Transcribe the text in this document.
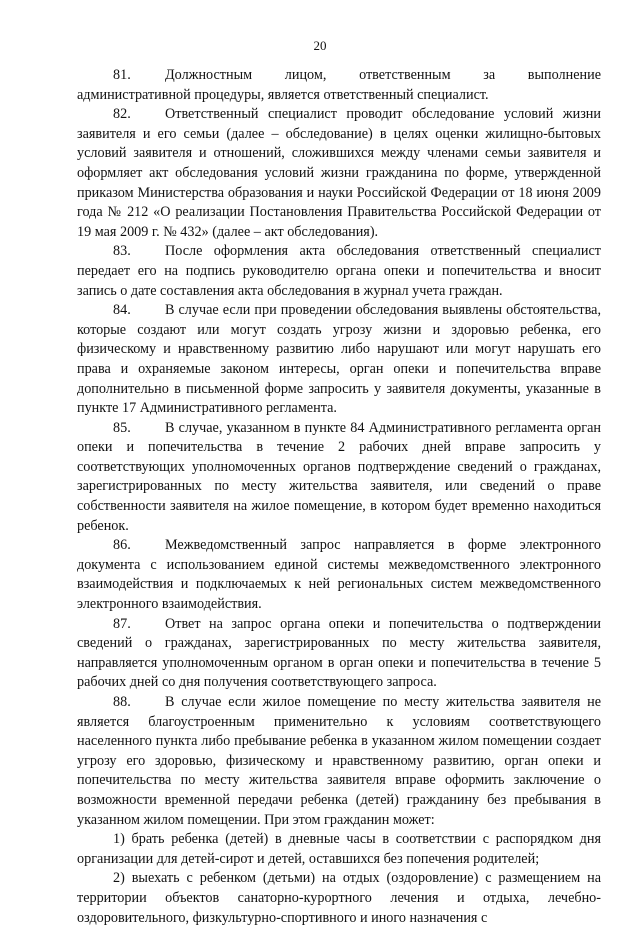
20

81. Должностным лицом, ответственным за выполнение административной процедуры, является ответственный специалист.

82. Ответственный специалист проводит обследование условий жизни заявителя и его семьи (далее – обследование) в целях оценки жилищно-бытовых условий заявителя и отношений, сложившихся между членами семьи заявителя и оформляет акт обследования условий жизни гражданина по форме, утвержденной приказом Министерства образования и науки Российской Федерации от 18 июня 2009 года № 212 «О реализации Постановления Правительства Российской Федерации от 19 мая 2009 г. № 432» (далее – акт обследования).

83. После оформления акта обследования ответственный специалист передает его на подпись руководителю органа опеки и попечительства и вносит запись о дате составления акта обследования в журнал учета граждан.

84. В случае если при проведении обследования выявлены обстоятельства, которые создают или могут создать угрозу жизни и здоровью ребенка, его физическому и нравственному развитию либо нарушают или могут нарушать его права и охраняемые законом интересы, орган опеки и попечительства вправе дополнительно в письменной форме запросить у заявителя документы, указанные в пункте 17 Административного регламента.

85. В случае, указанном в пункте 84 Административного регламента орган опеки и попечительства в течение 2 рабочих дней вправе запросить у соответствующих уполномоченных органов подтверждение сведений о гражданах, зарегистрированных по месту жительства заявителя, или сведений о праве собственности заявителя на жилое помещение, в котором будет временно находиться ребенок.

86. Межведомственный запрос направляется в форме электронного документа с использованием единой системы межведомственного электронного взаимодействия и подключаемых к ней региональных систем межведомственного электронного взаимодействия.

87. Ответ на запрос органа опеки и попечительства о подтверждении сведений о гражданах, зарегистрированных по месту жительства заявителя, направляется уполномоченным органом в орган опеки и попечительства в течение 5 рабочих дней со дня получения соответствующего запроса.

88. В случае если жилое помещение по месту жительства заявителя не является благоустроенным применительно к условиям соответствующего населенного пункта либо пребывание ребенка в указанном жилом помещении создает угрозу его здоровью, физическому и нравственному развитию, орган опеки и попечительства по месту жительства заявителя вправе оформить заключение о возможности временной передачи ребенка (детей) гражданину без пребывания в указанном жилом помещении. При этом гражданин может:

1) брать ребенка (детей) в дневные часы в соответствии с распорядком дня организации для детей-сирот и детей, оставшихся без попечения родителей;

2) выехать с ребенком (детьми) на отдых (оздоровление) с размещением на территории объектов санаторно-курортного лечения и отдыха, лечебно-оздоровительного, физкультурно-спортивного и иного назначения с
